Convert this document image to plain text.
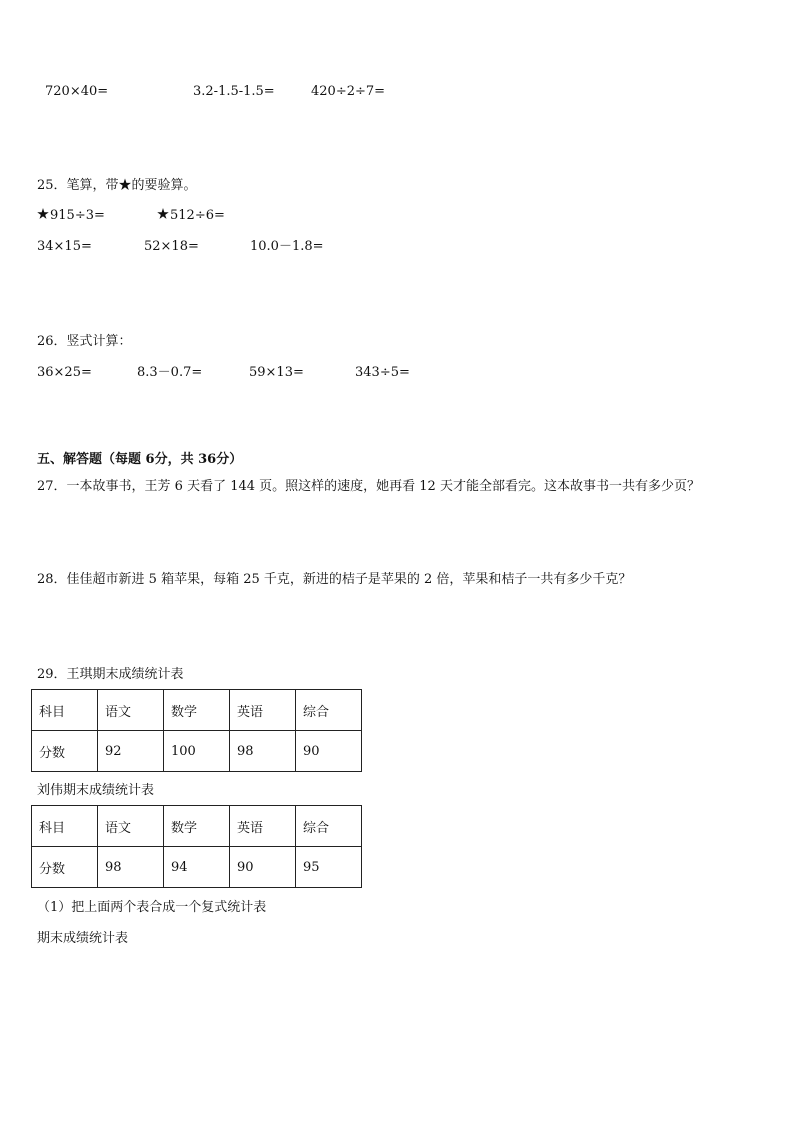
720×40=	3.2-1.5-1.5=	420÷2÷7=
25．笔算，带★的要验算。
915÷3=	512÷6=
34×15=	52×18=	10.0－1.8=
26．竖式计算：
36×25=	8.3－0.7=	59×13=	343÷5=
五、解答题（每题 6分，共 36分）
27．一本故事书，王芳 6 天看了 144 页。照这样的速度，她再看 12 天才能全部看完。这本故事书一共有多少页？
28．佳佳超市新进 5 箱苹果，每箱 25 千克，新进的桔子是苹果的 2 倍，苹果和桔子一共有多少千克？
29．王琪期末成绩统计表
科目	语文	数学	英语	综合
分数	92	100	98	90
刘伟期末成绩统计表
科目	语文	数学	英语	综合
分数	98	94	90	95
（1）把上面两个表合成一个复式统计表
期末成绩统计表
